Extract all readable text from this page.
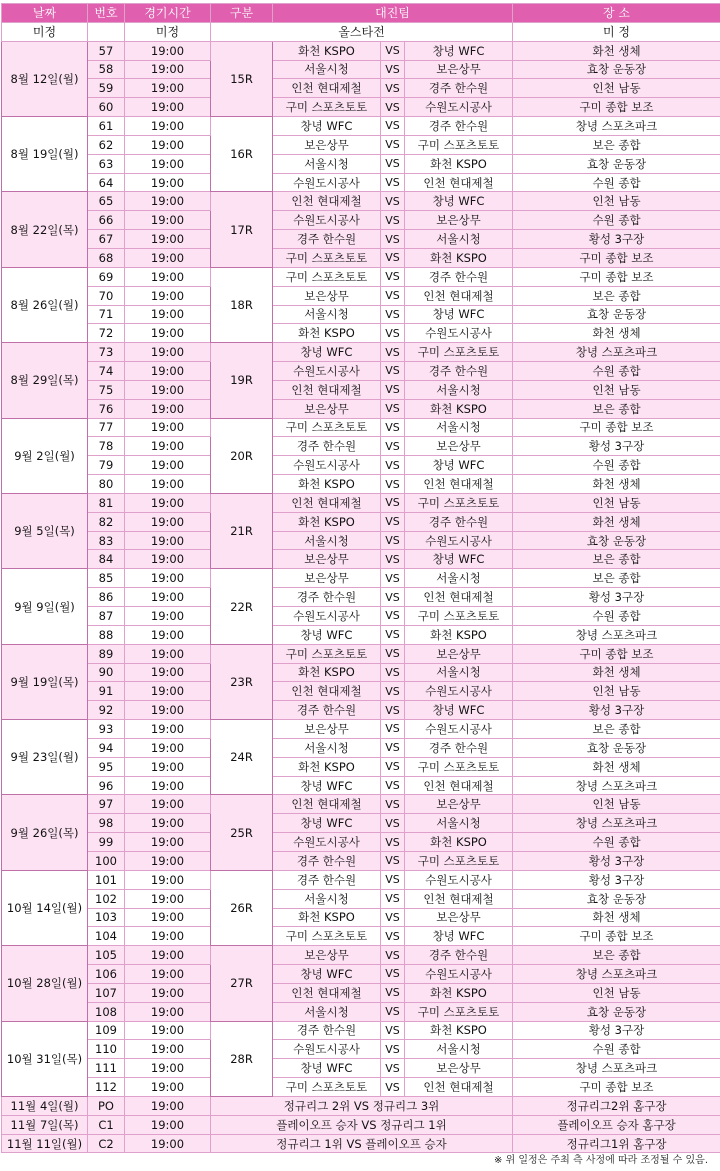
날짜	번호	경기시간	구분	대진팀			장 소
미정		미정	올스타전				미 정
8월 12일(월)	57	19:00	15R	화천 KSPO	VS	창녕 WFC	화천 생체
	58	19:00		서울시청	VS	보은상무	효창 운동장
	59	19:00		인천 현대제철	VS	경주 한수원	인천 남동
	60	19:00		구미 스포츠토토	VS	수원도시공사	구미 종합 보조
8월 19일(월)	61	19:00	16R	창녕 WFC	VS	경주 한수원	창녕 스포츠파크
	62	19:00		보은상무	VS	구미 스포츠토토	보은 종합
	63	19:00		서울시청	VS	화천 KSPO	효창 운동장
	64	19:00		수원도시공사	VS	인천 현대제철	수원 종합
8월 22일(목)	65	19:00	17R	인천 현대제철	VS	창녕 WFC	인천 남동
	66	19:00		수원도시공사	VS	보은상무	수원 종합
	67	19:00		경주 한수원	VS	서울시청	황성 3구장
	68	19:00		구미 스포츠토토	VS	화천 KSPO	구미 종합 보조
8월 26일(월)	69	19:00	18R	구미 스포츠토토	VS	경주 한수원	구미 종합 보조
	70	19:00		보은상무	VS	인천 현대제철	보은 종합
	71	19:00		서울시청	VS	창녕 WFC	효창 운동장
	72	19:00		화천 KSPO	VS	수원도시공사	화천 생체
8월 29일(목)	73	19:00	19R	창녕 WFC	VS	구미 스포츠토토	창녕 스포츠파크
	74	19:00		수원도시공사	VS	경주 한수원	수원 종합
	75	19:00		인천 현대제철	VS	서울시청	인천 남동
	76	19:00		보은상무	VS	화천 KSPO	보은 종합
9월 2일(월)	77	19:00	20R	구미 스포츠토토	VS	서울시청	구미 종합 보조
	78	19:00		경주 한수원	VS	보은상무	황성 3구장
	79	19:00		수원도시공사	VS	창녕 WFC	수원 종합
	80	19:00		화천 KSPO	VS	인천 현대제철	화천 생체
9월 5일(목)	81	19:00	21R	인천 현대제철	VS	구미 스포츠토토	인천 남동
	82	19:00		화천 KSPO	VS	경주 한수원	화천 생체
	83	19:00		서울시청	VS	수원도시공사	효창 운동장
	84	19:00		보은상무	VS	창녕 WFC	보은 종합
9월 9일(월)	85	19:00	22R	보은상무	VS	서울시청	보은 종합
	86	19:00		경주 한수원	VS	인천 현대제철	황성 3구장
	87	19:00		수원도시공사	VS	구미 스포츠토토	수원 종합
	88	19:00		창녕 WFC	VS	화천 KSPO	창녕 스포츠파크
9월 19일(목)	89	19:00	23R	구미 스포츠토토	VS	보은상무	구미 종합 보조
	90	19:00		화천 KSPO	VS	서울시청	화천 생체
	91	19:00		인천 현대제철	VS	수원도시공사	인천 남동
	92	19:00		경주 한수원	VS	창녕 WFC	황성 3구장
9월 23일(월)	93	19:00	24R	보은상무	VS	수원도시공사	보은 종합
	94	19:00		서울시청	VS	경주 한수원	효창 운동장
	95	19:00		화천 KSPO	VS	구미 스포츠토토	화천 생체
	96	19:00		창녕 WFC	VS	인천 현대제철	창녕 스포츠파크
9월 26일(목)	97	19:00	25R	인천 현대제철	VS	보은상무	인천 남동
	98	19:00		창녕 WFC	VS	서울시청	창녕 스포츠파크
	99	19:00		수원도시공사	VS	화천 KSPO	수원 종합
	100	19:00		경주 한수원	VS	구미 스포츠토토	황성 3구장
10월 14일(월)	101	19:00	26R	경주 한수원	VS	수원도시공사	황성 3구장
	102	19:00		서울시청	VS	인천 현대제철	효창 운동장
	103	19:00		화천 KSPO	VS	보은상무	화천 생체
	104	19:00		구미 스포츠토토	VS	창녕 WFC	구미 종합 보조
10월 28일(월)	105	19:00	27R	보은상무	VS	경주 한수원	보은 종합
	106	19:00		창녕 WFC	VS	수원도시공사	창녕 스포츠파크
	107	19:00		인천 현대제철	VS	화천 KSPO	인천 남동
	108	19:00		서울시청	VS	구미 스포츠토토	효창 운동장
10월 31일(목)	109	19:00	28R	경주 한수원	VS	화천 KSPO	황성 3구장
	110	19:00		수원도시공사	VS	서울시청	수원 종합
	111	19:00		창녕 WFC	VS	보은상무	창녕 스포츠파크
	112	19:00		구미 스포츠토토	VS	인천 현대제철	구미 종합 보조
11월 4일(월)	PO	19:00	정규리그 2위 VS 정규리그 3위				정규리그2위 홈구장
11월 7일(목)	C1	19:00	플레이오프 승자 VS 정규리그 1위				플레이오프 승자 홈구장
11월 11일(월)	C2	19:00	정규리그 1위 VS 플레이오프 승자				정규리그1위 홈구장
※ 위 일정은 주최 측 사정에 따라 조정될 수 있음.
